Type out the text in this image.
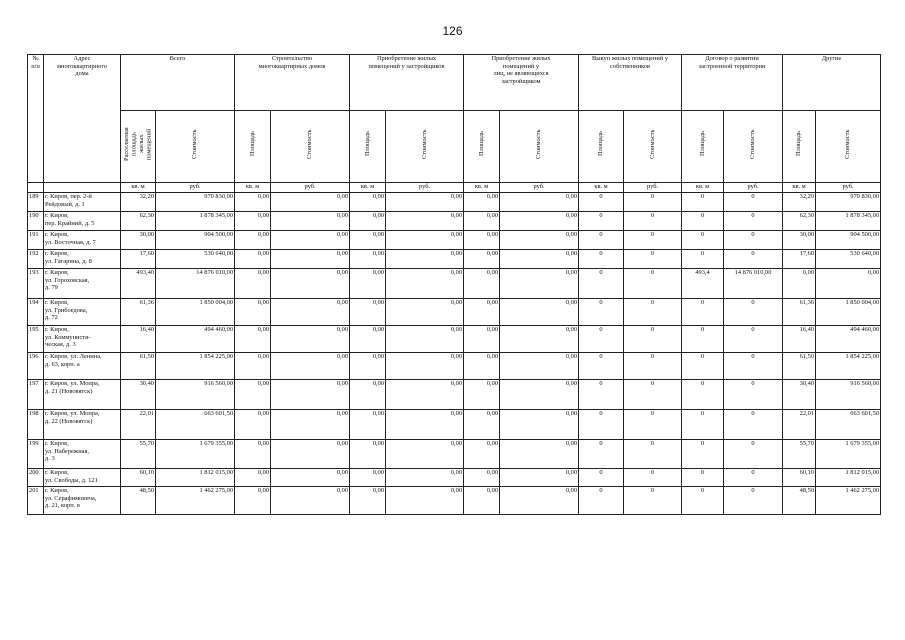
126
№
п/п	Адрес
многоквартирного
дома	Всего		Строительство
многоквартирных домов		Приобретение жилых
помещений у застройщиков		Приобретение жилых
помещений у
лиц, не являющихся
застройщиком		Выкуп жилых помещений у
собственников		Договор о развитии
застроенной территории		Другие	

		Расселяемая
площадь
жилых
помещений	Стоимость	Площадь	Стоимость	Площадь	Стоимость	Площадь	Стоимость	Площадь	Стоимость	Площадь	Стоимость	Площадь	Стоимость

		кв. м	руб.	кв. м	руб.	кв. м	руб.	кв. м	руб.	кв. м	руб.	кв. м	руб.	кв. м	руб.
189	г. Киров, пер. 2-й
Рейдовый, д. 1	32,20	970 830,00	0,00	0,00	0,00	0,00	0,00	0,00	0	0	0	0	32,20	970 830,00
190	г. Киров,
пер. Крайний, д. 5	62,30	1 878 345,00	0,00	0,00	0,00	0,00	0,00	0,00	0	0	0	0	62,30	1 878 345,00
191	г. Киров,
ул. Восточная, д. 7	30,00	904 500,00	0,00	0,00	0,00	0,00	0,00	0,00	0	0	0	0	30,00	904 500,00
192	г. Киров,
ул. Гагарина, д. 8	17,60	530 640,00	0,00	0,00	0,00	0,00	0,00	0,00	0	0	0	0	17,60	530 640,00
193	г. Киров,
ул. Гороховская,
д. 79	493,40	14 876 010,00	0,00	0,00	0,00	0,00	0,00	0,00	0	0	493,4	14 876 010,00	0,00	0,00
194	г. Киров,
ул. Грибоедова,
д. 72	61,36	1 850 004,00	0,00	0,00	0,00	0,00	0,00	0,00	0	0	0	0	61,36	1 850 004,00
195	г. Киров,
ул. Коммунисти-
ческая, д. 3	16,40	494 460,00	0,00	0,00	0,00	0,00	0,00	0,00	0	0	0	0	16,40	494 460,00
196	г. Киров, ул. Ленина,
д. 63, корп. а	61,50	1 854 225,00	0,00	0,00	0,00	0,00	0,00	0,00	0	0	0	0	61,50	1 854 225,00
197	г. Киров, ул. Мопра,
д. 21 (Нововятск)	30,40	916 560,00	0,00	0,00	0,00	0,00	0,00	0,00	0	0	0	0	30,40	916 560,00
198	г. Киров, ул. Мопра,
д. 22 (Нововятск)	22,01	663 601,50	0,00	0,00	0,00	0,00	0,00	0,00	0	0	0	0	22,01	663 601,50
199	г. Киров,
ул. Набережная,
д. 3	55,70	1 679 355,00	0,00	0,00	0,00	0,00	0,00	0,00	0	0	0	0	55,70	1 679 355,00
200	г. Киров,
ул. Свободы, д. 121	60,10	1 812 015,00	0,00	0,00	0,00	0,00	0,00	0,00	0	0	0	0	60,10	1 812 015,00
201	г. Киров,
ул. Серафимовича,
д. 21, корп. в	48,50	1 462 275,00	0,00	0,00	0,00	0,00	0,00	0,00	0	0	0	0	48,50	1 462 275,00
